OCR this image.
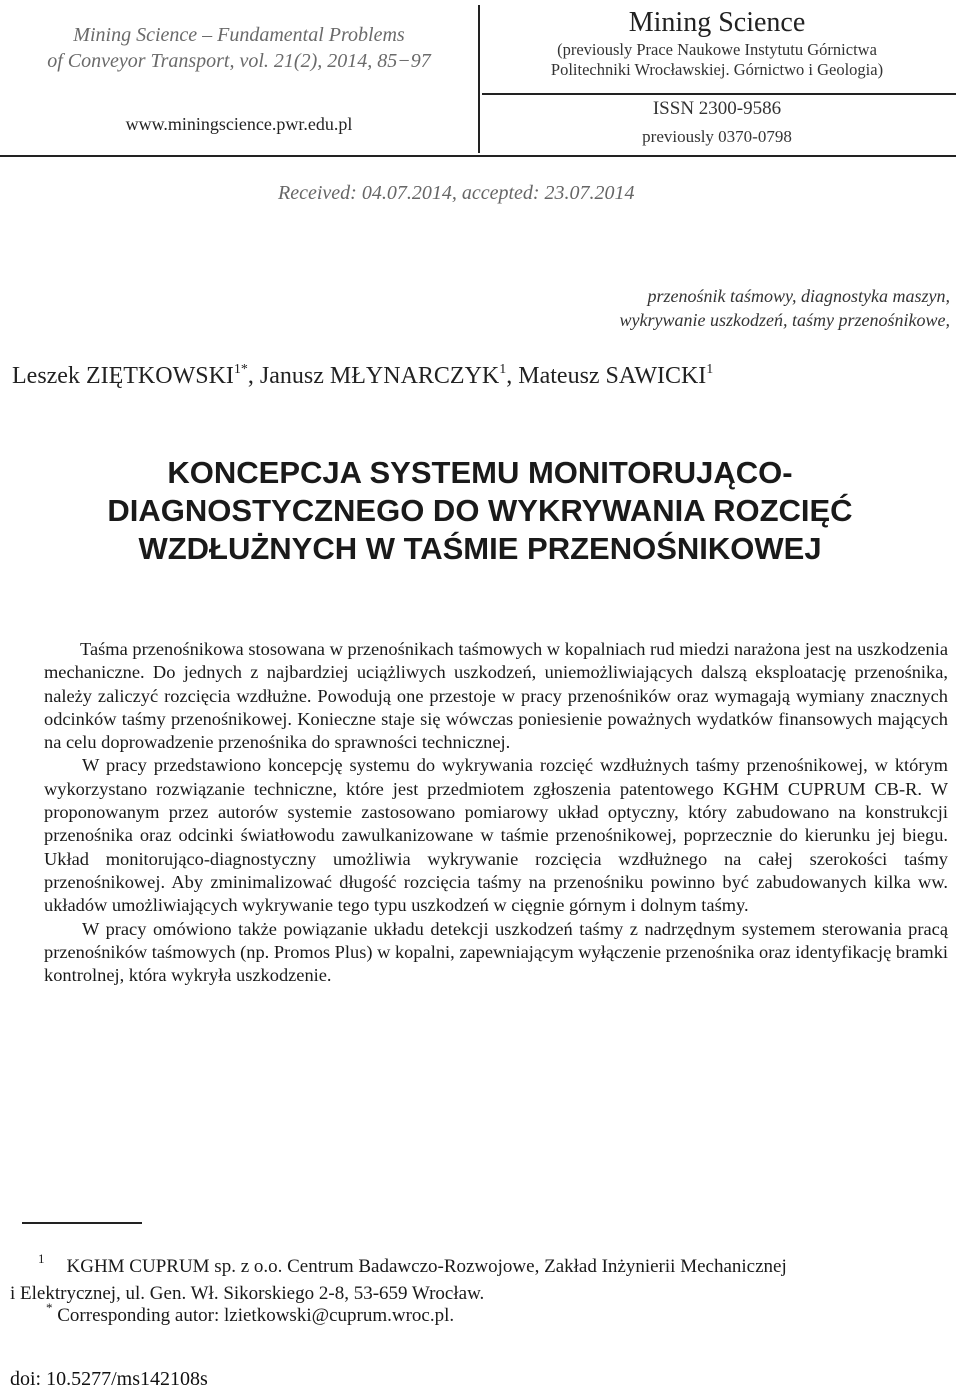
Mining Science – Fundamental Problems
of Conveyor Transport, vol. 21(2), 2014, 85−97
www.miningscience.pwr.edu.pl
Mining Science
(previously Prace Naukowe Instytutu Górnictwa
Politechniki Wrocławskiej. Górnictwo i Geologia)
ISSN 2300-9586
previously 0370-0798
Received: 04.07.2014, accepted: 23.07.2014
przenośnik taśmowy, diagnostyka maszyn,
wykrywanie uszkodzeń, taśmy przenośnikowe,
Leszek $ZIĘTKOWSKI^{1*}$, Janusz MŁYNARCZYK$^1$, Mateusz SAWICKI$^1$
KONCEPCJA SYSTEMU MONITORUJĄCO-
DIAGNOSTYCZNEGO DO WYKRYWANIA ROZCIĘĆ
WZDŁUŻNYCH W TAŚMIE PRZENOŚNIKOWEJ

Taśma przenośnikowa stosowana w przenośnikach taśmowych w kopalniach rud miedzi narażona jest na uszkodzenia mechaniczne. Do jednych z najbardziej uciążliwych uszkodzeń, uniemożliwiających dalszą eksploatację przenośnika, należy zaliczyć rozcięcia wzdłużne. Powodują one przestoje w pracy przenośników oraz wymagają wymiany znacznych odcinków taśmy przenośnikowej. Konieczne staje się wówczas poniesienie poważnych wydatków finansowych mających na celu doprowadzenie przenośnika do sprawności technicznej.

W pracy przedstawiono koncepcję systemu do wykrywania rozcięć wzdłużnych taśmy przenośnikowej, w którym wykorzystano rozwiązanie techniczne, które jest przedmiotem zgłoszenia patentowego KGHM CUPRUM CB-R. W proponowanym przez autorów systemie zastosowano pomiarowy układ optyczny, który zabudowano na konstrukcji przenośnika oraz odcinki światłowodu zawulkanizowane w taśmie przenośnikowej, poprzecznie do kierunku jej biegu. Układ monitorująco-diagnostyczny umożliwia wykrywanie rozcięcia wzdłużnego na całej szerokości taśmy przenośnikowej. Aby zminimalizować długość rozcięcia taśmy na przenośniku powinno być zabudowanych kilka ww. układów umożliwiających wykrywanie tego typu uszkodzeń w cięgnie górnym i dolnym taśmy.

W pracy omówiono także powiązanie układu detekcji uszkodzeń taśmy z nadrzędnym systemem sterowania pracą przenośników taśmowych (np. Promos Plus) w kopalni, zapewniającym wyłączenie przenośnika oraz identyfikację bramki kontrolnej, która wykryła uszkodzenie.

$^1$ KGHM CUPRUM sp. z o.o. Centrum Badawczo-Rozwojowe, Zakład Inżynierii Mechanicznej
i Elektrycznej, ul. Gen. Wł. Sikorskiego 2-8, 53-659 Wrocław.
* Corresponding autor: lzietkowski@cuprum.wroc.pl.
doi: 10.5277/ms142108s
